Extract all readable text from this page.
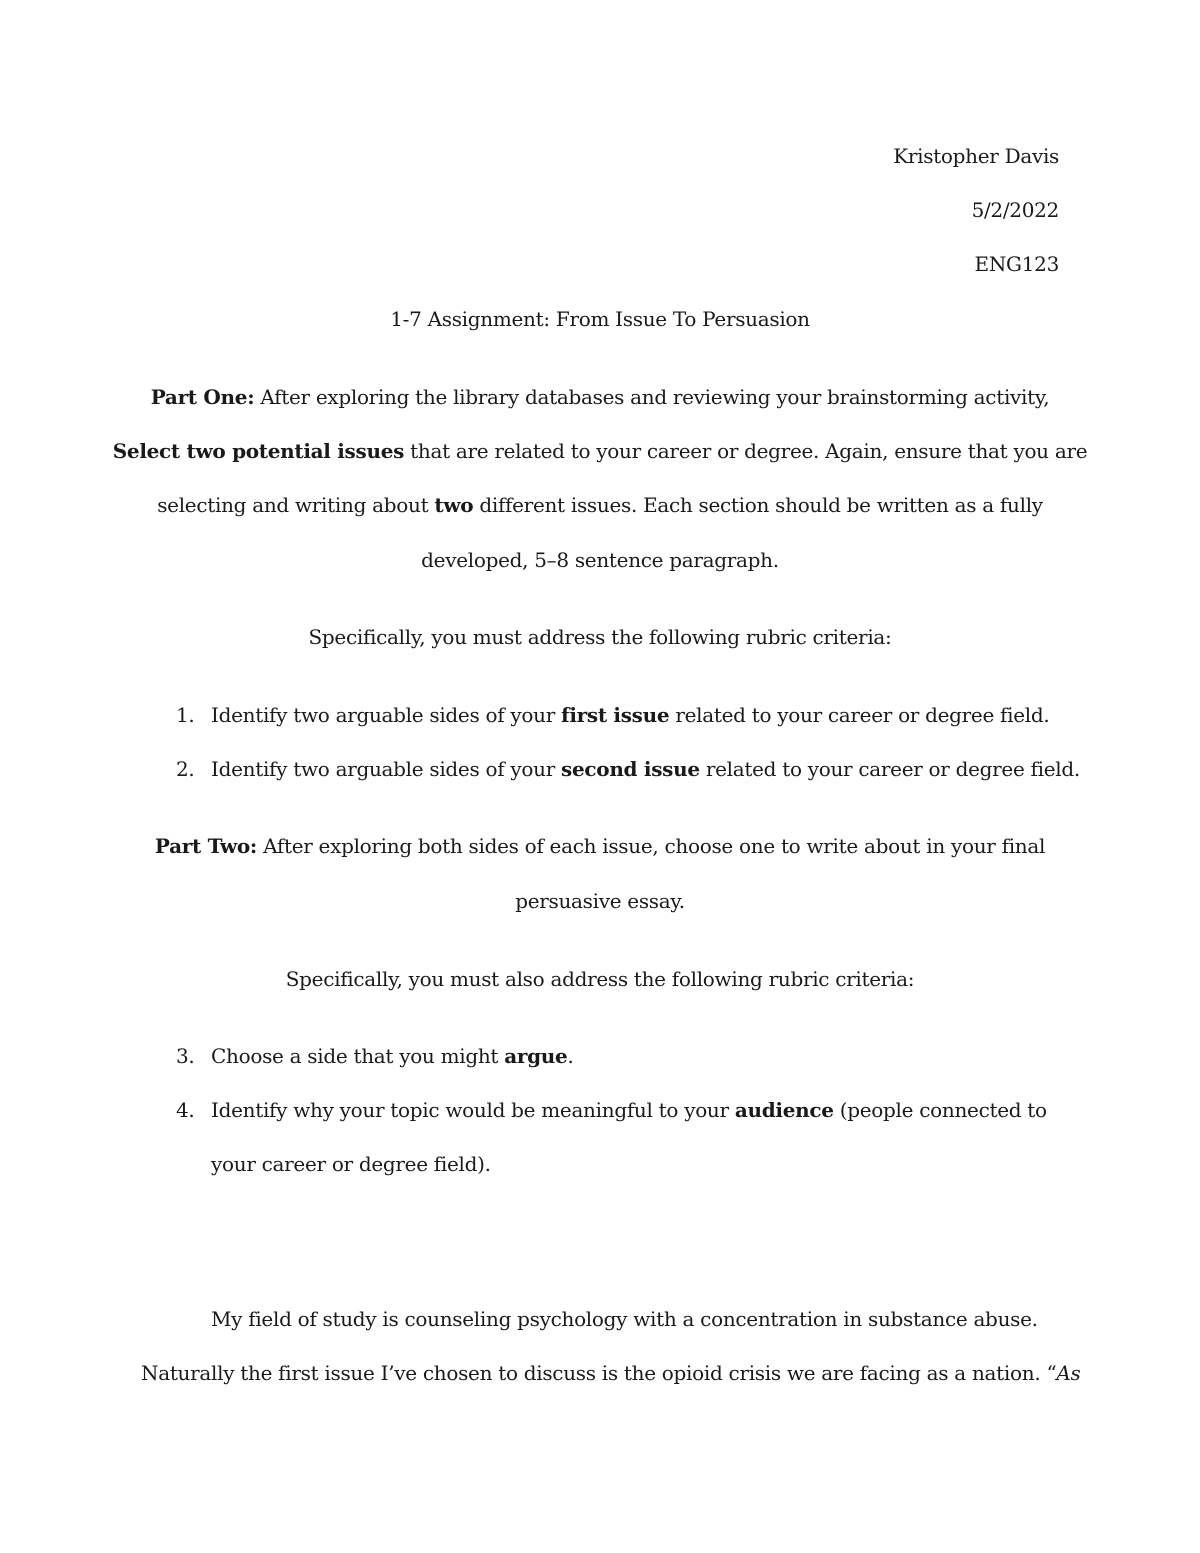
Kristopher Davis
5/2/2022
ENG123
1-7 Assignment: From Issue To Persuasion
Part One: After exploring the library databases and reviewing your brainstorming activity,
Select two potential issues that are related to your career or degree. Again, ensure that you are
selecting and writing about two different issues. Each section should be written as a fully
developed, 5–8 sentence paragraph.
Specifically, you must address the following rubric criteria:
1. Identify two arguable sides of your first issue related to your career or degree field.
2. Identify two arguable sides of your second issue related to your career or degree field.
Part Two: After exploring both sides of each issue, choose one to write about in your final
persuasive essay.
Specifically, you must also address the following rubric criteria:
3. Choose a side that you might argue.
4. Identify why your topic would be meaningful to your audience (people connected to
your career or degree field).
My field of study is counseling psychology with a concentration in substance abuse.
Naturally the first issue I’ve chosen to discuss is the opioid crisis we are facing as a nation. “As
